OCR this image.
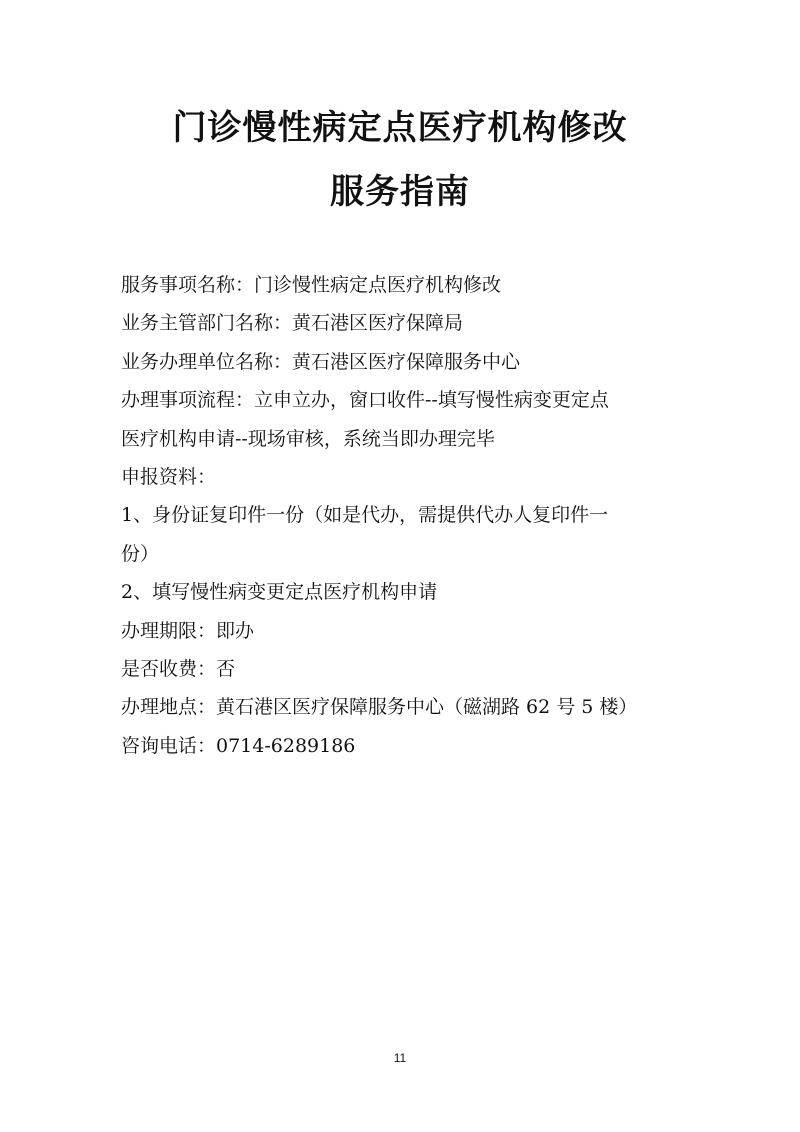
门诊慢性病定点医疗机构修改
服务指南
服务事项名称：门诊慢性病定点医疗机构修改
业务主管部门名称：黄石港区医疗保障局
业务办理单位名称：黄石港区医疗保障服务中心
办理事项流程：立申立办，窗口收件--填写慢性病变更定点
医疗机构申请--现场审核，系统当即办理完毕
申报资料：
1、身份证复印件一份（如是代办，需提供代办人复印件一
份）
2、填写慢性病变更定点医疗机构申请
办理期限：即办
是否收费：否
办理地点：黄石港区医疗保障服务中心（磁湖路 62 号 5 楼）
咨询电话：0714-6289186
11
